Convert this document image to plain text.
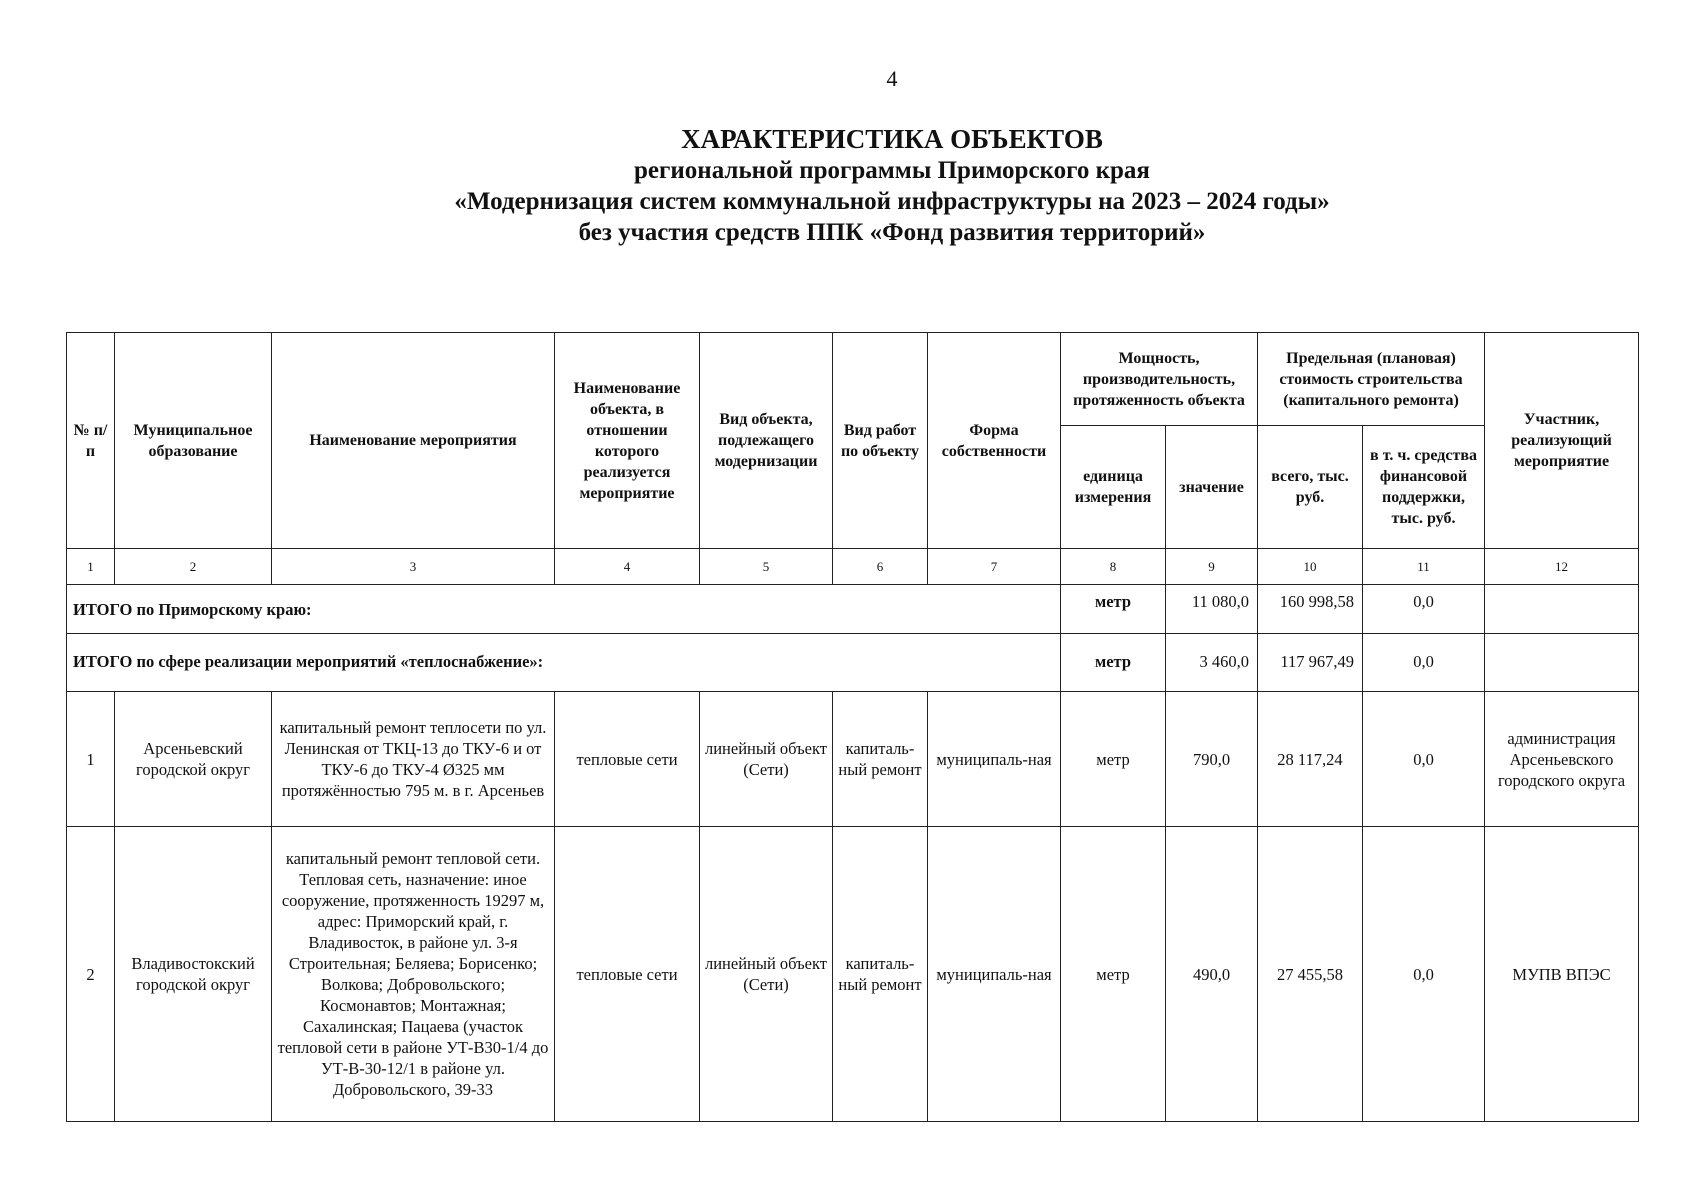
4
ХАРАКТЕРИСТИКА ОБЪЕКТОВ
региональной программы Приморского края
«Модернизация систем коммунальной инфраструктуры на 2023 – 2024 годы»
без участия средств ППК «Фонд развития территорий»
№ п/п	Муниципальное образование	Наименование мероприятия	Наименование объекта, в отношении которого реализуется мероприятие	Вид объекта, подлежащего модернизации	Вид работ по объекту	Форма собственности	Мощность, производительность, протяженность объекта		Предельная (плановая) стоимость строительства (капитального ремонта)		Участник, реализующий мероприятие
							единица измерения	значение	всего, тыс. руб.	в т. ч. средства финансовой поддержки, тыс. руб.	
1	2	3	4	5	6	7	8	9	10	11	12
ИТОГО по Приморскому краю:							метр	11 080,0	160 998,58	0,0	
ИТОГО по сфере реализации мероприятий «теплоснабжение»:							метр	3 460,0	117 967,49	0,0	
1	Арсеньевский городской округ	капитальный ремонт теплосети по ул. Ленинская от ТКЦ-13 до ТКУ-6 и от ТКУ-6 до ТКУ-4 Ø325 мм протяжённостью 795 м. в г. Арсеньев	тепловые сети	линейный объект (Сети)	капиталь-ный ремонт	муниципаль-ная	метр	790,0	28 117,24	0,0	администрация Арсеньевского городского округа
2	Владивостокский городской округ	капитальный ремонт тепловой сети. Тепловая сеть, назначение: иное сооружение, протяженность 19297 м, адрес: Приморский край, г. Владивосток, в районе ул. 3-я Строительная; Беляева; Борисенко; Волкова; Добровольского; Космонавтов; Монтажная; Сахалинская; Пацаева (участок тепловой сети в районе УТ-В30-1/4 до УТ-В-30-12/1 в районе ул. Добровольского, 39-33	тепловые сети	линейный объект (Сети)	капиталь-ный ремонт	муниципаль-ная	метр	490,0	27 455,58	0,0	МУПВ ВПЭС
